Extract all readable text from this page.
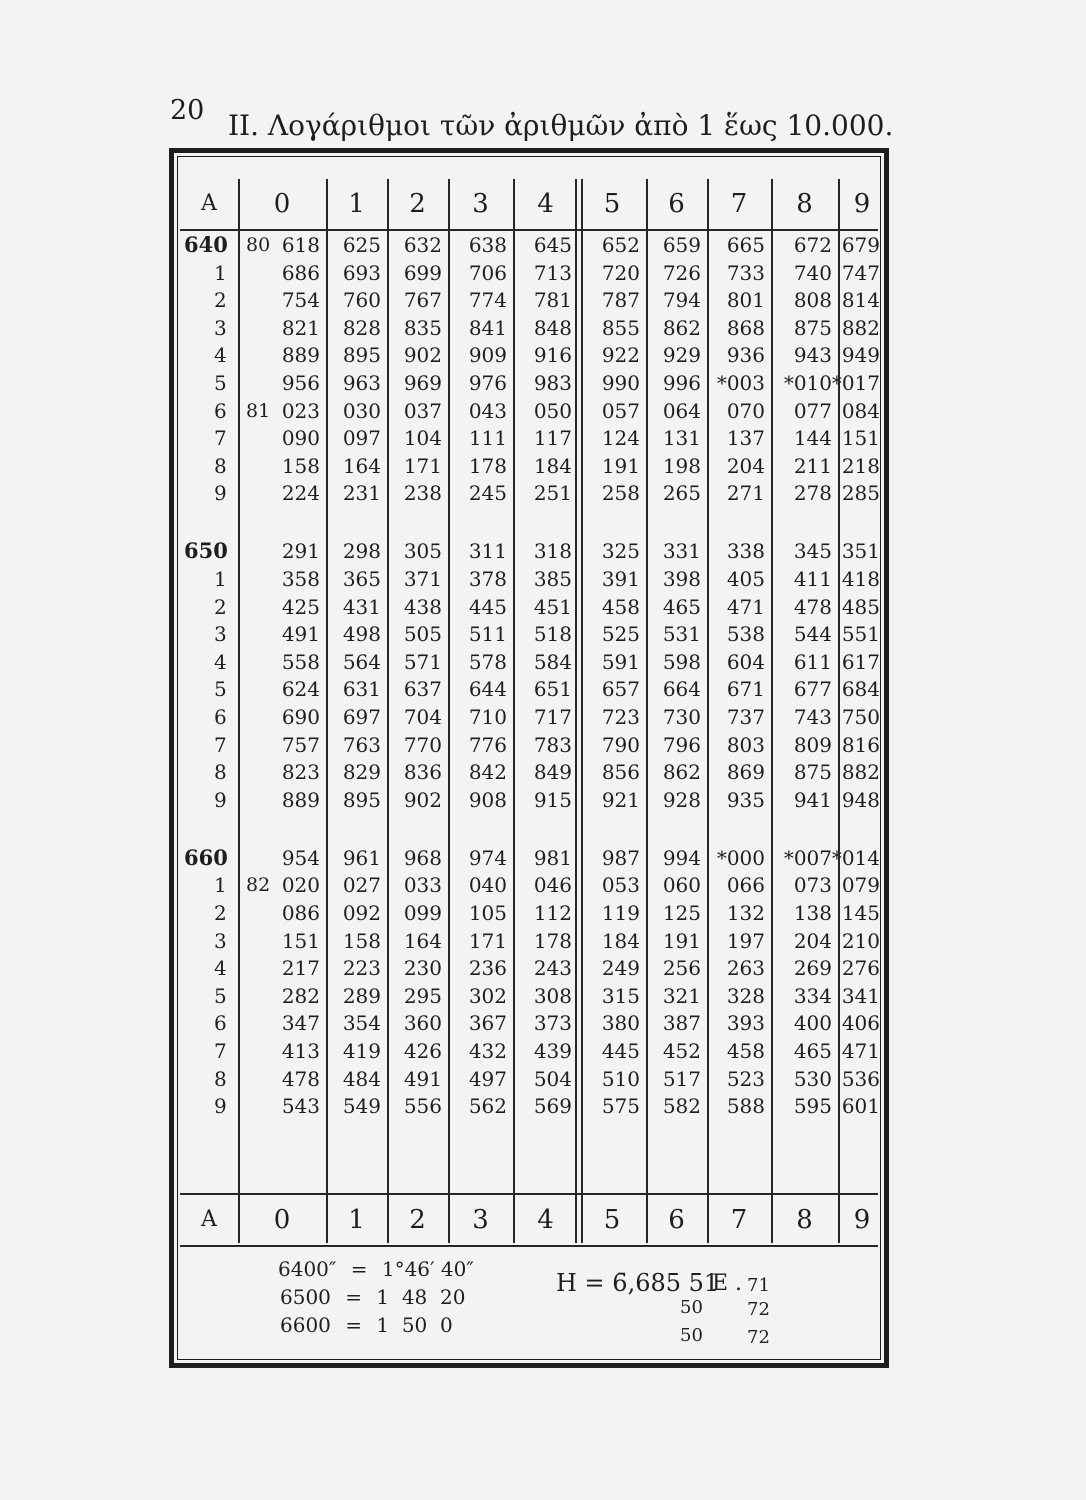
20 II. Λογάριθμοι τῶν ἀριθμῶν ἀπὸ 1 ἕως 10.000.
A	0	1	2	3	4	5	6	7	8	9
640 80 618	625	632	638	645	652	659	665	672 679
1	686	693	699	706	713	720	726	733	740 747
2	754	760	767	774	781	787	794	801	808 814
3	821	828	835	841	848	855	862	868	875 882
4	889	895	902	909	916	922	929	936	943 949
5	956	963	969	976	983	990	996 *003 *010 *017
6 81 023	030	037	043	050	057	064	070	077 084
7	090	097	104	111	117	124	131	137	144 151
8	158	164	171	178	184	191	198	204	211 218
9	224	231	238	245	251	258	265	271	278 285
650	291	298	305	311	318	325	331	338	345 351
1	358	365	371	378	385	391	398	405	411 418
2	425	431	438	445	451	458	465	471	478 485
3	491	498	505	511	518	525	531	538	544 551
4	558	564	571	578	584	591	598	604	611 617
5	624	631	637	644	651	657	664	671	677 684
6	690	697	704	710	717	723	730	737	743 750
7	757	763	770	776	783	790	796	803	809 816
8	823	829	836	842	849	856	862	869	875 882
9	889	895	902	908	915	921	928	935	941 948
660	954	961	968	974	981	987	994 *000 *007 *014
1 82 020	027	033	040	046	053	060	066	073 079
2	086	092	099	105	112	119	125	132	138 145
3	151	158	164	171	178	184	191	197	204 210
4	217	223	230	236	243	249	256	263	269 276
5	282	289	295	302	308	315	321	328	334 341
6	347	354	360	367	373	380	387	393	400 406
7	413	419	426	432	439	445	452	458	465 471
8	478	484	491	497	504	510	517	523	530 536
9	543	549	556	562	569	575	582	588	595 601
A	0	1	2	3	4	5	6	7	8	9
6400″ = 1°46′ 40″
6500 = 1  48  20
6600 = 1  50  0
H = 6̄,685 51
E . 71
50 72
50 72
